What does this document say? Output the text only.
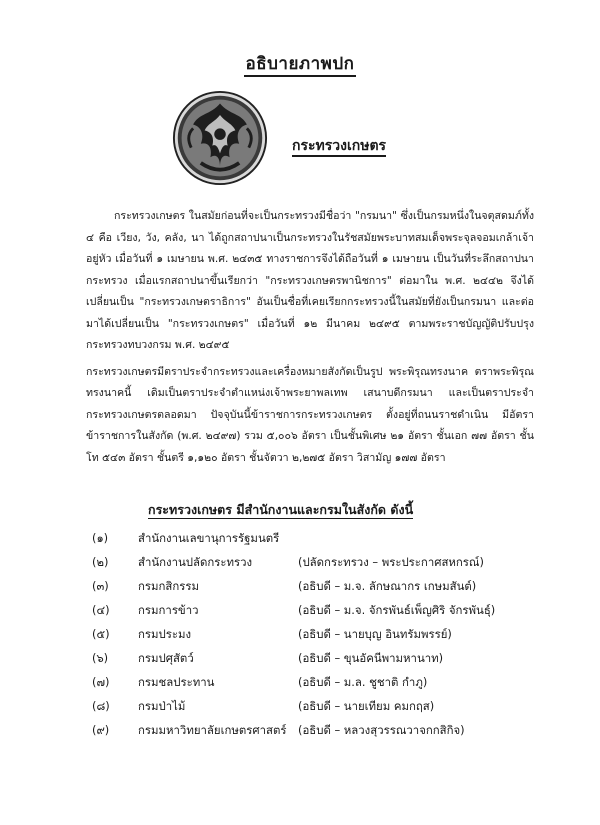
อธิบายภาพปก
กระทรวงเกษตร

กระทรวงเกษตร ในสมัยก่อนที่จะเป็นกระทรวงมีชื่อว่า "กรมนา" ซึ่งเป็นกรมหนึ่งในจตุสดมภ์ทั้ง ๔ คือ เวียง, วัง, คลัง, นา ได้ถูกสถาปนาเป็นกระทรวงในรัชสมัยพระบาทสมเด็จพระจุลจอมเกล้าเจ้าอยู่หัว เมื่อวันที่ ๑ เมษายน พ.ศ. ๒๔๓๕ ทางราชการจึงได้ถือวันที่ ๑ เมษายน เป็นวันที่ระลึกสถาปนากระทรวง เมื่อแรกสถาปนาขึ้นเรียกว่า "กระทรวงเกษตรพานิชการ" ต่อมาใน พ.ศ. ๒๔๔๒ จึงได้เปลี่ยนเป็น "กระทรวงเกษตราธิการ" อันเป็นชื่อที่เคยเรียกกระทรวงนี้ในสมัยที่ยังเป็นกรมนา และต่อมาได้เปลี่ยนเป็น "กระทรวงเกษตร" เมื่อวันที่ ๑๒ มีนาคม ๒๔๙๕ ตามพระราชบัญญัติปรับปรุงกระทรวงทบวงกรม พ.ศ. ๒๔๙๕

กระทรวงเกษตรมีตราประจำกระทรวงและเครื่องหมายสังกัดเป็นรูป พระพิรุณทรงนาค ตราพระพิรุณทรงนาคนี้ เดิมเป็นตราประจำตำแหน่งเจ้าพระยาพลเทพ เสนาบดีกรมนา และเป็นตราประจำกระทรวงเกษตรตลอดมา ปัจจุบันนี้ข้าราชการกระทรวงเกษตร ตั้งอยู่ที่ถนนราชดำเนิน มีอัตราข้าราชการในสังกัด (พ.ศ. ๒๔๙๗) รวม ๕,๐๐๖ อัตรา เป็นชั้นพิเศษ ๒๑ อัตรา ชั้นเอก ๗๗ อัตรา ชั้นโท ๕๔๓ อัตรา ชั้นตรี ๑,๑๒๐ อัตรา ชั้นจัตวา ๒,๒๗๕ อัตรา วิสามัญ ๑๗๗ อัตรา

กระทรวงเกษตร มีสำนักงานและกรมในสังกัด ดังนี้
(๑)	สำนักงานเลขานุการรัฐมนตรี
(๒)	สำนักงานปลัดกระทรวง	(ปลัดกระทรวง – พระประกาศสหกรณ์)
(๓)	กรมกสิกรรม	(อธิบดี – ม.จ. ลักษณากร เกษมสันต์)
(๔)	กรมการข้าว	(อธิบดี – ม.จ. จักรพันธ์เพ็ญศิริ จักรพันธุ์)
(๕)	กรมประมง	(อธิบดี – นายบุญ อินทรัมพรรย์)
(๖)	กรมปศุสัตว์	(อธิบดี – ขุนอัคนีพามหานาท)
(๗)	กรมชลประทาน	(อธิบดี – ม.ล. ชูชาติ กำภู)
(๘)	กรมป่าไม้	(อธิบดี – นายเทียม คมกฤส)
(๙)	กรมมหาวิทยาลัยเกษตรศาสตร์ (อธิบดี – หลวงสุวรรณวาจกกสิกิจ)
